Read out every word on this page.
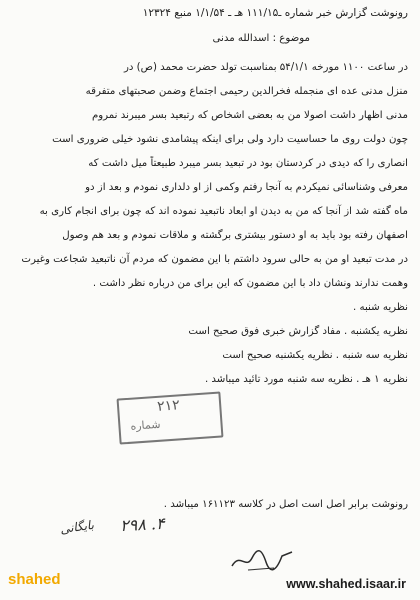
رونوشت گزارش خبر شماره ـ۱۱۱/۱۵ هـ ـ ۱/۱/۵۴ منبع ۱۲۳۲۴
موضوع : اسدالله مدنی
در ساعت ۱۱۰۰ مورخه ۵۴/۱/۱ بمناسبت تولد حضرت محمد (ص) در
منزل مدنی عده ای منجمله فخرالدین رحیمی اجتماع وضمن صحبتهای متفرقه
مدنی اظهار داشت اصولا من به بعضی اشخاص که رتبعید بسر میبرند نمروم
چون دولت روی ما حساسیت دارد ولی برای اینکه پیشامدی نشود خیلی ضروری است
انصاری را که دیدی در کردستان بود در تبعید بسر میبرد طبیعتاً میل داشت که
معرفی وشناسائی نمیکردم به آنجا رفتم وکمی از او دلداری نمودم و بعد از دو
ماه گفته شد از آنجا که من به دیدن او ابعاد ناتبعید نموده اند که چون برای انجام کاری به
اصفهان رفته بود باید به او دستور بیشتری برگشته و ملاقات نمودم و بعد هم وصول
در مدت تبعید او من به حالی سرود داشتم با این مضمون که مردم آن ناتبعید شجاعت وغیرت
وهمت ندارند ونشان داد با این مضمون که این برای من درباره نظر داشت .
نظریه شنبه .
نظریه یکشنبه . مفاد گزارش خبری فوق صحیح است
نظریه سه شنبه . نظریه یکشنبه صحیح است
نظریه ۱ هـ . نظریه سه شنبه مورد تائید میباشد .
۲۱۲
شماره
رونوشت برابر اصل است اصل در کلاسه ۱۶۱۱۲۳ میباشد .
بایگانی ۲۹۸ .۴
shahed	www.shahed.isaar.ir
